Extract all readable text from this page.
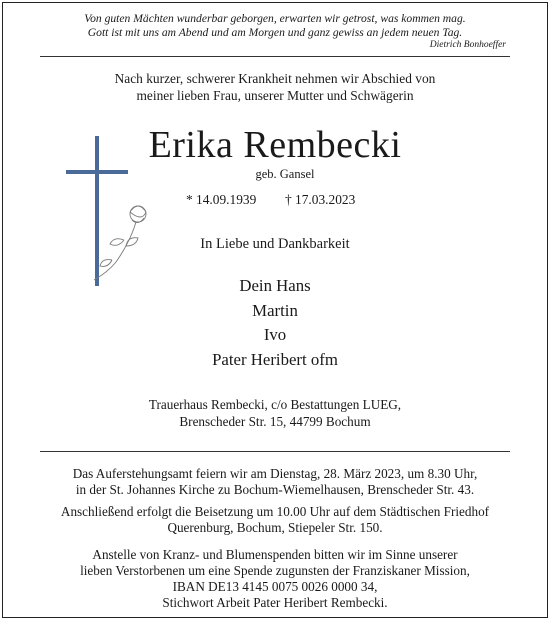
Von guten Mächten wunderbar geborgen, erwarten wir getrost, was kommen mag.
Gott ist mit uns am Abend und am Morgen und ganz gewiss an jedem neuen Tag.
Dietrich Bonhoeffer
Nach kurzer, schwerer Krankheit nehmen wir Abschied von
meiner lieben Frau, unserer Mutter und Schwägerin
Erika Rembecki
geb. Gansel
* 14.09.1939 † 17.03.2023
In Liebe und Dankbarkeit
Dein Hans
Martin
Ivo
Pater Heribert ofm
Trauerhaus Rembecki, c/o Bestattungen LUEG,
Brenscheder Str. 15, 44799 Bochum
Das Auferstehungsamt feiern wir am Dienstag, 28. März 2023, um 8.30 Uhr,
in der St. Johannes Kirche zu Bochum-Wiemelhausen, Brenscheder Str. 43.
Anschließend erfolgt die Beisetzung um 10.00 Uhr auf dem Städtischen Friedhof
Querenburg, Bochum, Stiepeler Str. 150.
Anstelle von Kranz- und Blumenspenden bitten wir im Sinne unserer
lieben Verstorbenen um eine Spende zugunsten der Franziskaner Mission,
IBAN DE13 4145 0075 0026 0000 34,
Stichwort Arbeit Pater Heribert Rembecki.
